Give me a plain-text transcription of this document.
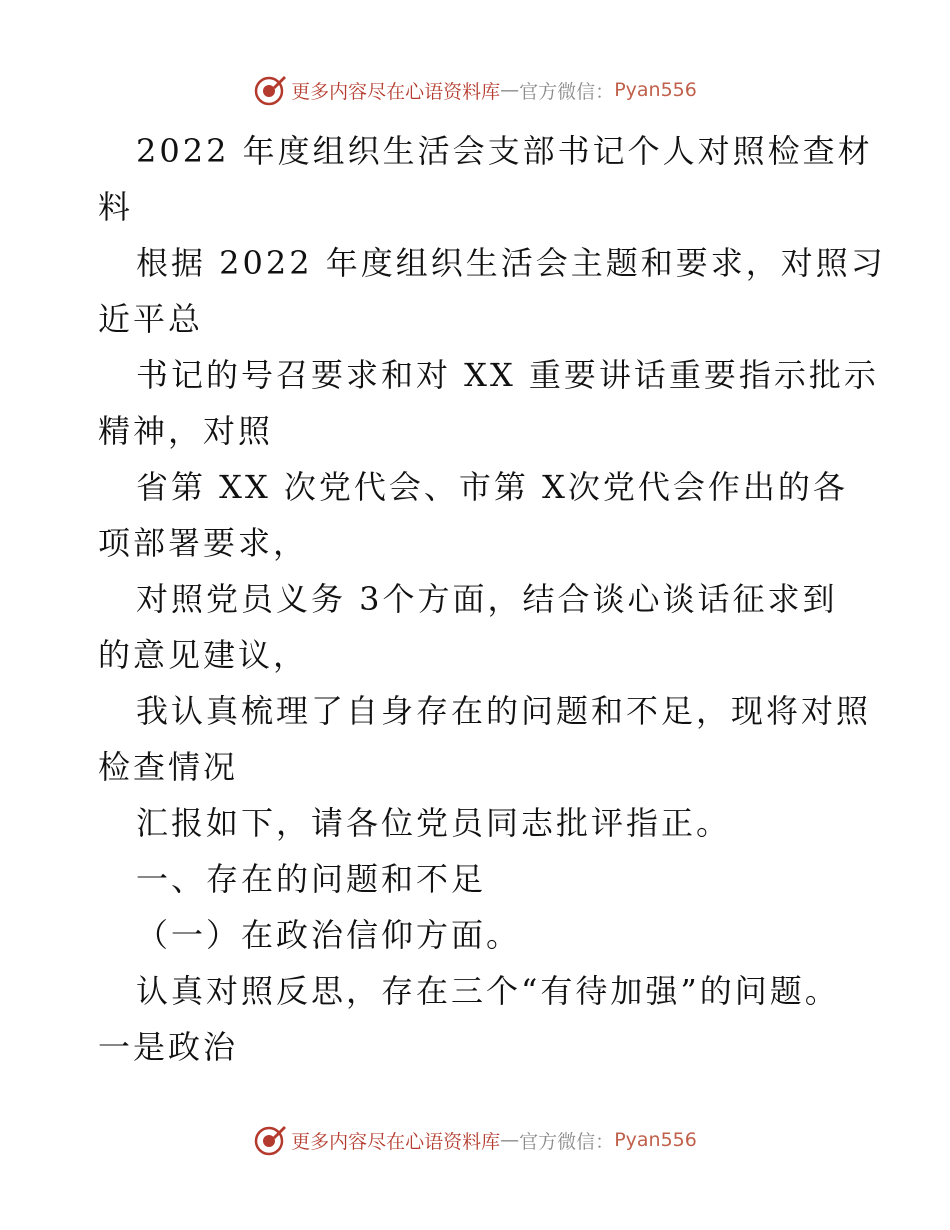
更多内容尽在心语资料库 — 官方微信： Pyan556
2022 年度组织生活会支部书记个人对照检查材
料
根据 2022 年度组织生活会主题和要求，对照习
近平总
书记的号召要求和对 XX 重要讲话重要指示批示
精神，对照
省第 XX 次党代会、市第 X次党代会作出的各
项部署要求，
对照党员义务 3个方面，结合谈心谈话征求到
的意见建议，
我认真梳理了自身存在的问题和不足，现将对照
检查情况
汇报如下，请各位党员同志批评指正。
一、存在的问题和不足
（一）在政治信仰方面。
认真对照反思，存在三个“有待加强”的问题。
一是政治
更多内容尽在心语资料库 — 官方微信： Pyan556
